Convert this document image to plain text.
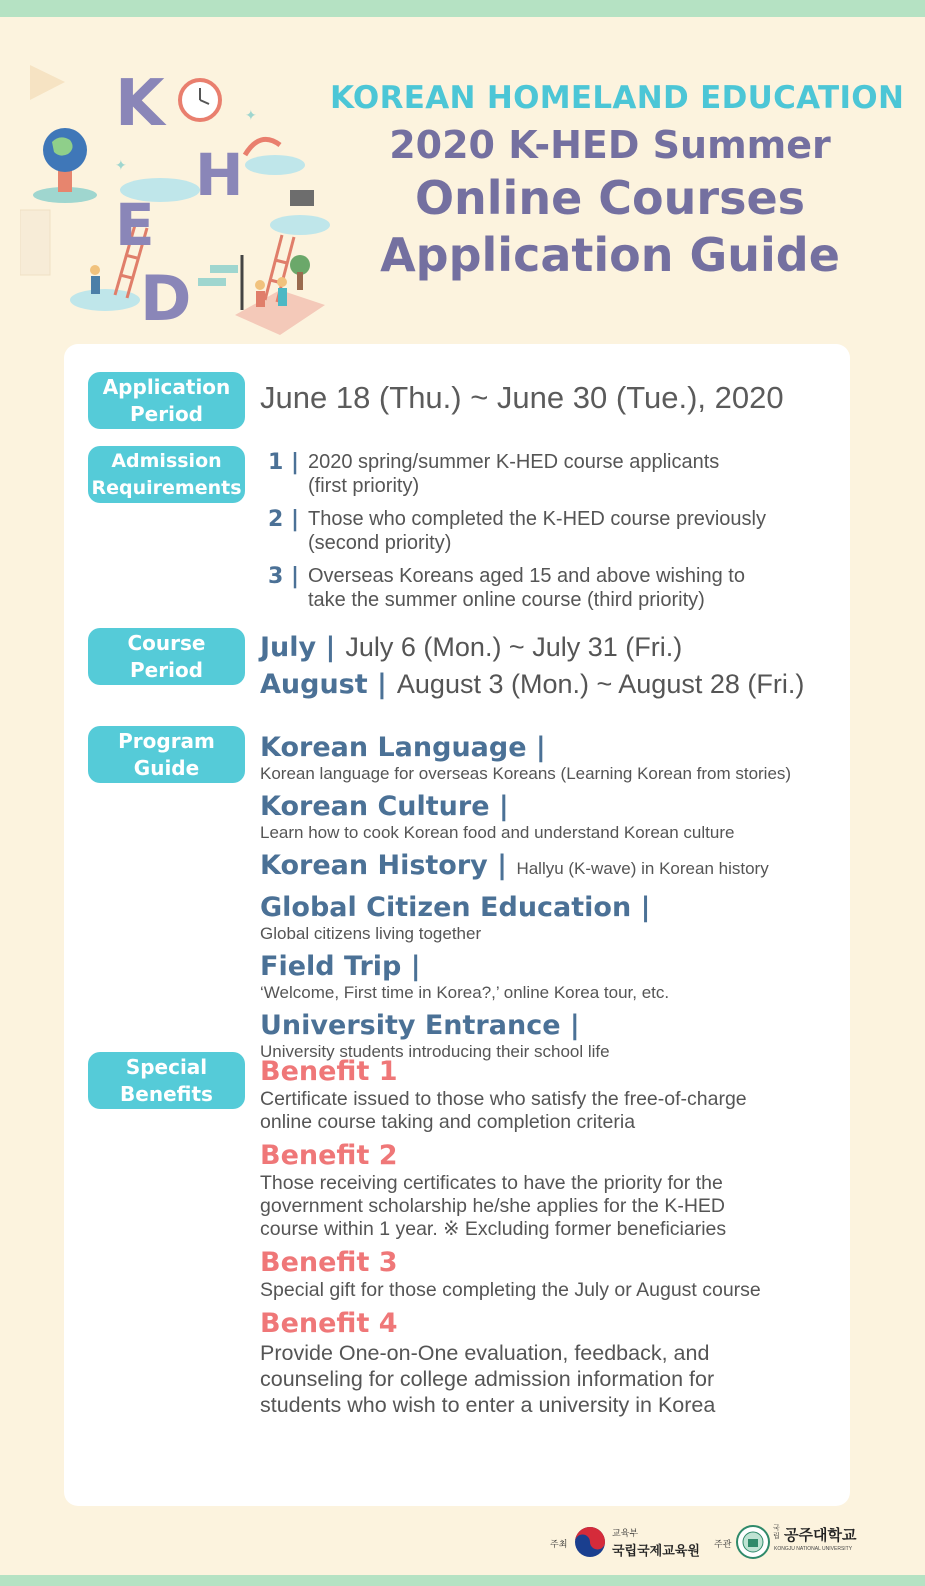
K
H
E
D
✦
✦ KOREAN HOMELAND EDUCATION
2020 K-HED Summer
Online Courses
Application Guide
Application
Period	June 18 (Thu.) ~ June 30 (Tue.), 2020
Admission
Requirements
1 | 2020 spring/summer K-HED course applicants
(first priority)
2 | Those who completed the K-HED course previously
(second priority)
3 | Overseas Koreans aged 15 and above wishing to
take the summer online course (third priority)
Course
Period
July | July 6 (Mon.) ~ July 31 (Fri.)
August | August 3 (Mon.) ~ August 28 (Fri.)
Program
Guide
Korean Language |
Korean language for overseas Koreans (Learning Korean from stories)
Korean Culture |
Learn how to cook Korean food and understand Korean culture
Korean History | Hallyu (K-wave) in Korean history
Global Citizen Education |
Global citizens living together
Field Trip |
‘Welcome, First time in Korea?,’ online Korea tour, etc.
University Entrance |
University students introducing their school life
Special
Benefits
Benefit 1
Certificate issued to those who satisfy the free-of-charge
online course taking and completion criteria
Benefit 2
Those receiving certificates to have the priority for the
government scholarship he/she applies for the K-HED
course within 1 year. ※ Excluding former beneficiaries
Benefit 3
Special gift for those completing the July or August course
Benefit 4
Provide One-on-One evaluation, feedback, and
counseling for college admission information for
students who wish to enter a university in Korea
주최
교육부
국립국제교육원 주관
국립 공주대학교
KONGJU NATIONAL UNIVERSITY
